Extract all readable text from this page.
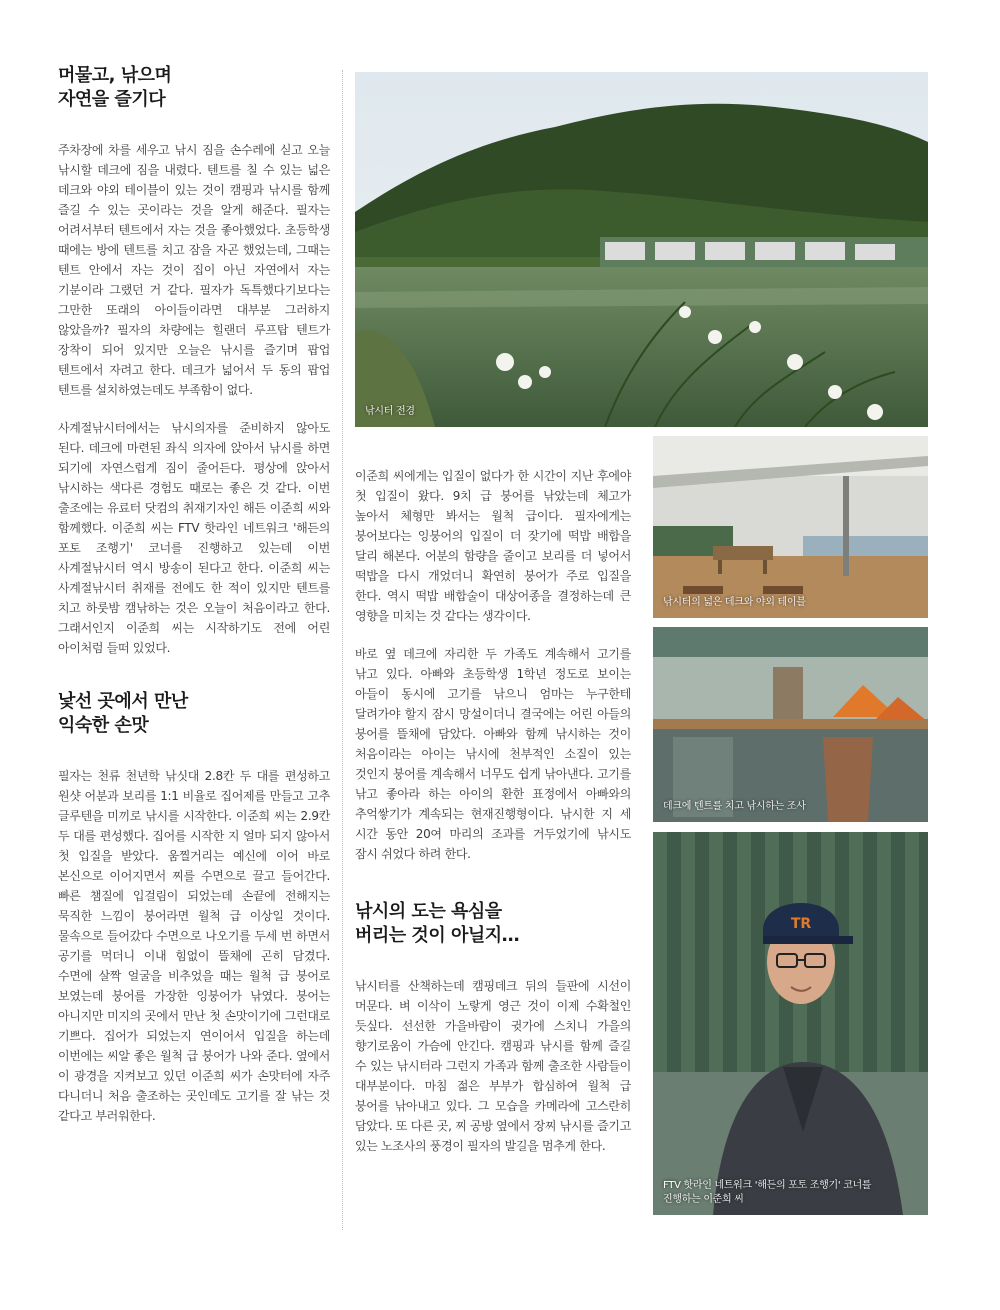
머물고, 낚으며
자연을 즐기다

주차장에 차를 세우고 낚시 짐을 손수레에 싣고 오늘 낚시할 데크에 짐을 내렸다. 텐트를 칠 수 있는 넓은 데크와 야외 테이블이 있는 것이 캠핑과 낚시를 함께 즐길 수 있는 곳이라는 것을 알게 해준다. 필자는 어려서부터 텐트에서 자는 것을 좋아했었다. 초등학생 때에는 방에 텐트를 치고 잠을 자곤 했었는데, 그때는 텐트 안에서 자는 것이 집이 아닌 자연에서 자는 기분이라 그랬던 거 같다. 필자가 독특했다기보다는 그만한 또래의 아이들이라면 대부분 그러하지 않았을까? 필자의 차량에는 힐랜더 루프탑 텐트가 장착이 되어 있지만 오늘은 낚시를 즐기며 팝업 텐트에서 자려고 한다. 데크가 넓어서 두 동의 팝업 텐트를 설치하였는데도 부족함이 없다.

사계절낚시터에서는 낚시의자를 준비하지 않아도 된다. 데크에 마련된 좌식 의자에 앉아서 낚시를 하면 되기에 자연스럽게 짐이 줄어든다. 평상에 앉아서 낚시하는 색다른 경험도 때로는 좋은 것 같다. 이번 출조에는 유료터 닷컴의 취재기자인 해든 이준희 씨와 함께했다. 이준희 씨는 FTV 핫라인 네트워크 '해든의 포토 조행기' 코너를 진행하고 있는데 이번 사계절낚시터 역시 방송이 된다고 한다. 이준희 씨는 사계절낚시터 취재를 전에도 한 적이 있지만 텐트를 치고 하룻밤 캠낚하는 것은 오늘이 처음이라고 한다. 그래서인지 이준희 씨는 시작하기도 전에 어린 아이처럼 들떠 있었다.

낯선 곳에서 만난
익숙한 손맛

필자는 천류 천년학 낚싯대 2.8칸 두 대를 편성하고 원샷 어분과 보리를 1:1 비율로 집어제를 만들고 고추 글루텐을 미끼로 낚시를 시작한다. 이준희 씨는 2.9칸 두 대를 편성했다. 집어를 시작한 지 얼마 되지 않아서 첫 입질을 받았다. 움찔거리는 예신에 이어 바로 본신으로 이어지면서 찌를 수면으로 끌고 들어간다. 빠른 챔질에 입걸림이 되었는데 손끝에 전해지는 묵직한 느낌이 붕어라면 월척 급 이상일 것이다. 물속으로 들어갔다 수면으로 나오기를 두세 번 하면서 공기를 먹더니 이내 힘없이 뜰채에 곤히 담겼다. 수면에 살짝 얼굴을 비추었을 때는 월척 급 붕어로 보였는데 붕어를 가장한 잉붕어가 낚였다. 붕어는 아니지만 미지의 곳에서 만난 첫 손맛이기에 그런대로 기쁘다. 집어가 되었는지 연이어서 입질을 하는데 이번에는 씨알 좋은 월척 급 붕어가 나와 준다. 옆에서 이 광경을 지켜보고 있던 이준희 씨가 손맛터에 자주 다니더니 처음 출조하는 곳인데도 고기를 잘 낚는 것 같다고 부러워한다.

이준희 씨에게는 입질이 없다가 한 시간이 지난 후에야 첫 입질이 왔다. 9치 급 붕어를 낚았는데 체고가 높아서 체형만 봐서는 월척 급이다. 필자에게는 붕어보다는 잉붕어의 입질이 더 잦기에 떡밥 배합을 달리 해본다. 어분의 함량을 줄이고 보리를 더 넣어서 떡밥을 다시 개었더니 확연히 붕어가 주로 입질을 한다. 역시 떡밥 배합술이 대상어종을 결정하는데 큰 영향을 미치는 것 같다는 생각이다.

바로 옆 데크에 자리한 두 가족도 계속해서 고기를 낚고 있다. 아빠와 초등학생 1학년 정도로 보이는 아들이 동시에 고기를 낚으니 엄마는 누구한테 달려가야 할지 잠시 망설이더니 결국에는 어린 아들의 붕어를 뜰채에 담았다. 아빠와 함께 낚시하는 것이 처음이라는 아이는 낚시에 천부적인 소질이 있는 것인지 붕어를 계속해서 너무도 쉽게 낚아낸다. 고기를 낚고 좋아라 하는 아이의 환한 표정에서 아빠와의 추억쌓기가 계속되는 현재진행형이다. 낚시한 지 세 시간 동안 20여 마리의 조과를 거두었기에 낚시도 잠시 쉬었다 하려 한다.

낚시의 도는 욕심을
버리는 것이 아닐지…

낚시터를 산책하는데 캠핑데크 뒤의 들판에 시선이 머문다. 벼 이삭이 노랗게 영근 것이 이제 수확철인 듯싶다. 선선한 가을바람이 귓가에 스치니 가을의 향기로움이 가슴에 안긴다. 캠핑과 낚시를 함께 즐길 수 있는 낚시터라 그런지 가족과 함께 출조한 사람들이 대부분이다. 마침 젊은 부부가 합심하여 월척 급 붕어를 낚아내고 있다. 그 모습을 카메라에 고스란히 담았다. 또 다른 곳, 찌 공방 옆에서 장찌 낚시를 즐기고 있는 노조사의 풍경이 필자의 발길을 멈추게 한다.

낚시터 전경
낚시터의 넓은 데크와 야외 테이블
데크에 텐트를 치고 낚시하는 조사
TR
FTV 핫라인 네트워크 '해든의 포토 조행기' 코너를
진행하는 이준희 씨
